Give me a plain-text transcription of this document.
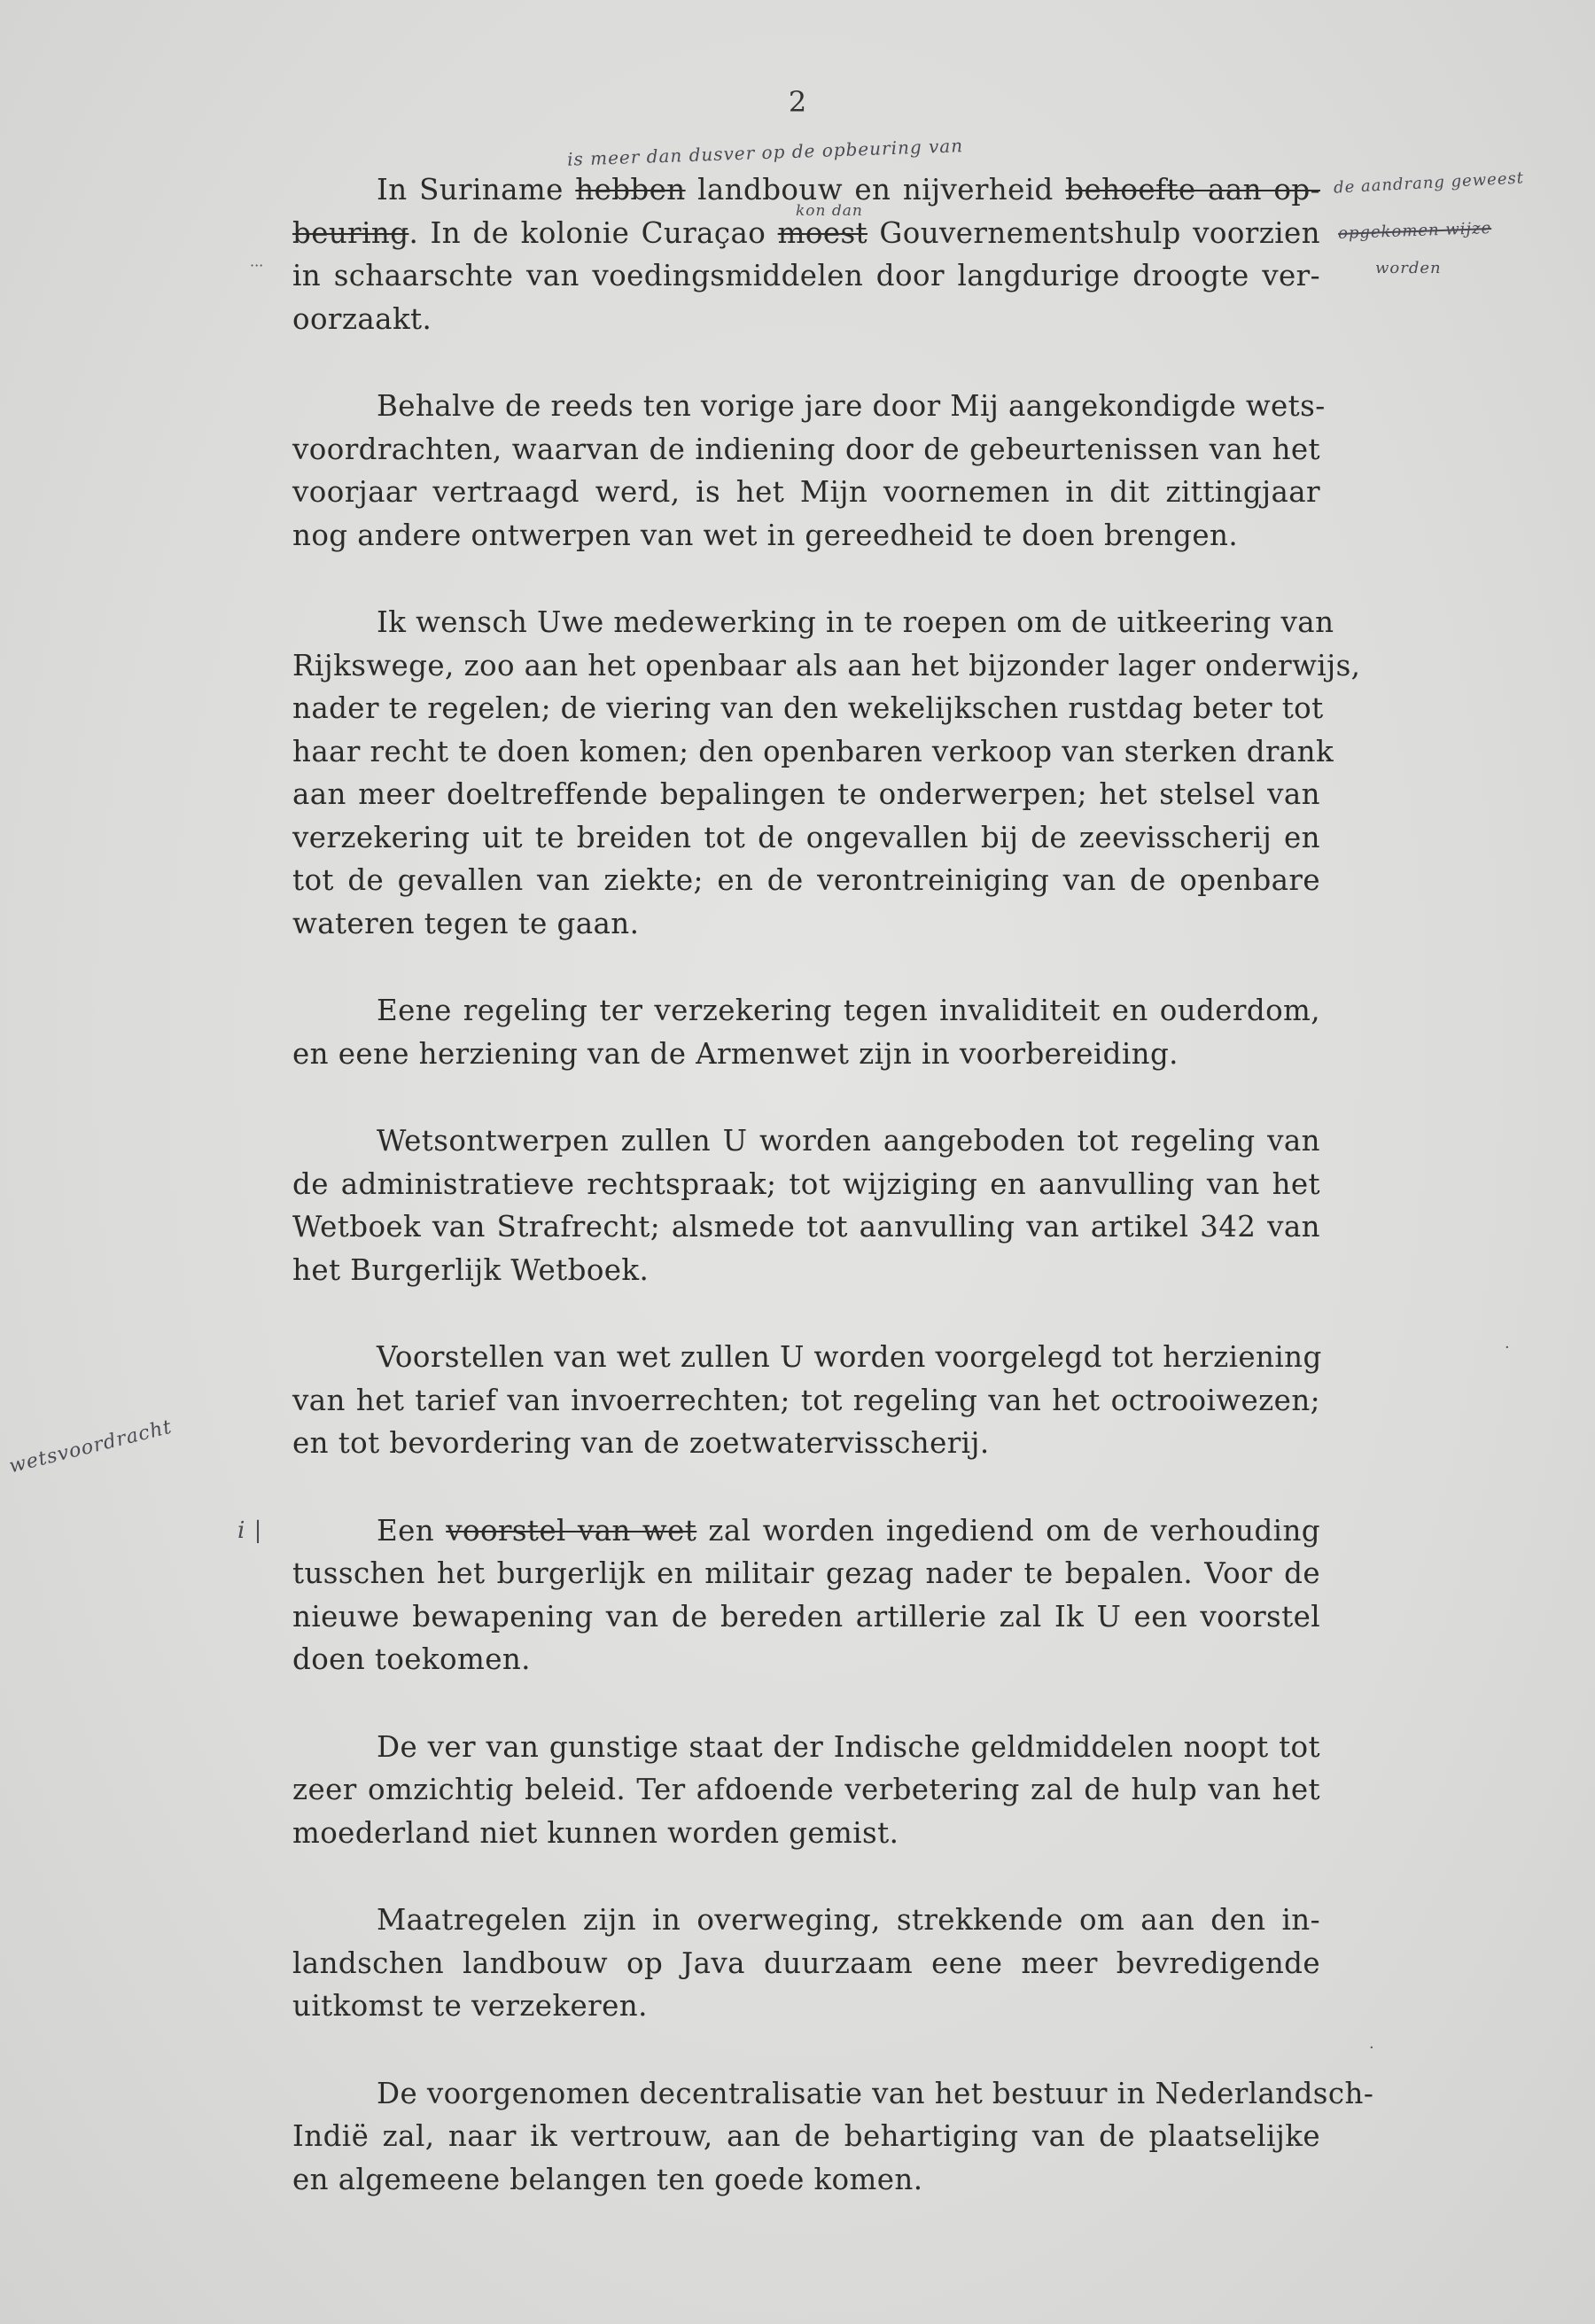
2
In Suriname hebben landbouw en nijverheid behoefte aan op-
beuring. In de kolonie Curaçao moest Gouvernementshulp voorzien
in schaarschte van voedingsmiddelen door langdurige droogte ver-
oorzaakt.
Behalve de reeds ten vorige jare door Mij aangekondigde wets-
voordrachten, waarvan de indiening door de gebeurtenissen van het
voorjaar vertraagd werd, is het Mijn voornemen in dit zittingjaar
nog andere ontwerpen van wet in gereedheid te doen brengen.
Ik wensch Uwe medewerking in te roepen om de uitkeering van
Rijkswege, zoo aan het openbaar als aan het bijzonder lager onderwijs,
nader te regelen; de viering van den wekelijkschen rustdag beter tot
haar recht te doen komen; den openbaren verkoop van sterken drank
aan meer doeltreffende bepalingen te onderwerpen; het stelsel van
verzekering uit te breiden tot de ongevallen bij de zeevisscherij en
tot de gevallen van ziekte; en de verontreiniging van de openbare
wateren tegen te gaan.
Eene regeling ter verzekering tegen invaliditeit en ouderdom,
en eene herziening van de Armenwet zijn in voorbereiding.
Wetsontwerpen zullen U worden aangeboden tot regeling van
de administratieve rechtspraak; tot wijziging en aanvulling van het
Wetboek van Strafrecht; alsmede tot aanvulling van artikel 342 van
het Burgerlijk Wetboek.
Voorstellen van wet zullen U worden voorgelegd tot herziening
van het tarief van invoerrechten; tot regeling van het octrooiwezen;
en tot bevordering van de zoetwatervisscherij.
Een voorstel van wet zal worden ingediend om de verhouding
tusschen het burgerlijk en militair gezag nader te bepalen. Voor de
nieuwe bewapening van de bereden artillerie zal Ik U een voorstel
doen toekomen.
De ver van gunstige staat der Indische geldmiddelen noopt tot
zeer omzichtig beleid. Ter afdoende verbetering zal de hulp van het
moederland niet kunnen worden gemist.
Maatregelen zijn in overweging, strekkende om aan den in-
landschen landbouw op Java duurzaam eene meer bevredigende
uitkomst te verzekeren.
De voorgenomen decentralisatie van het bestuur in Nederlandsch-
Indië zal, naar ik vertrouw, aan de behartiging van de plaatselijke
en algemeene belangen ten goede komen.
is meer dan dusver op de opbeuring van
kon dan
de aandrang geweest
opgekomen wijze
worden
wetsvoordracht
i |
···
·
·
